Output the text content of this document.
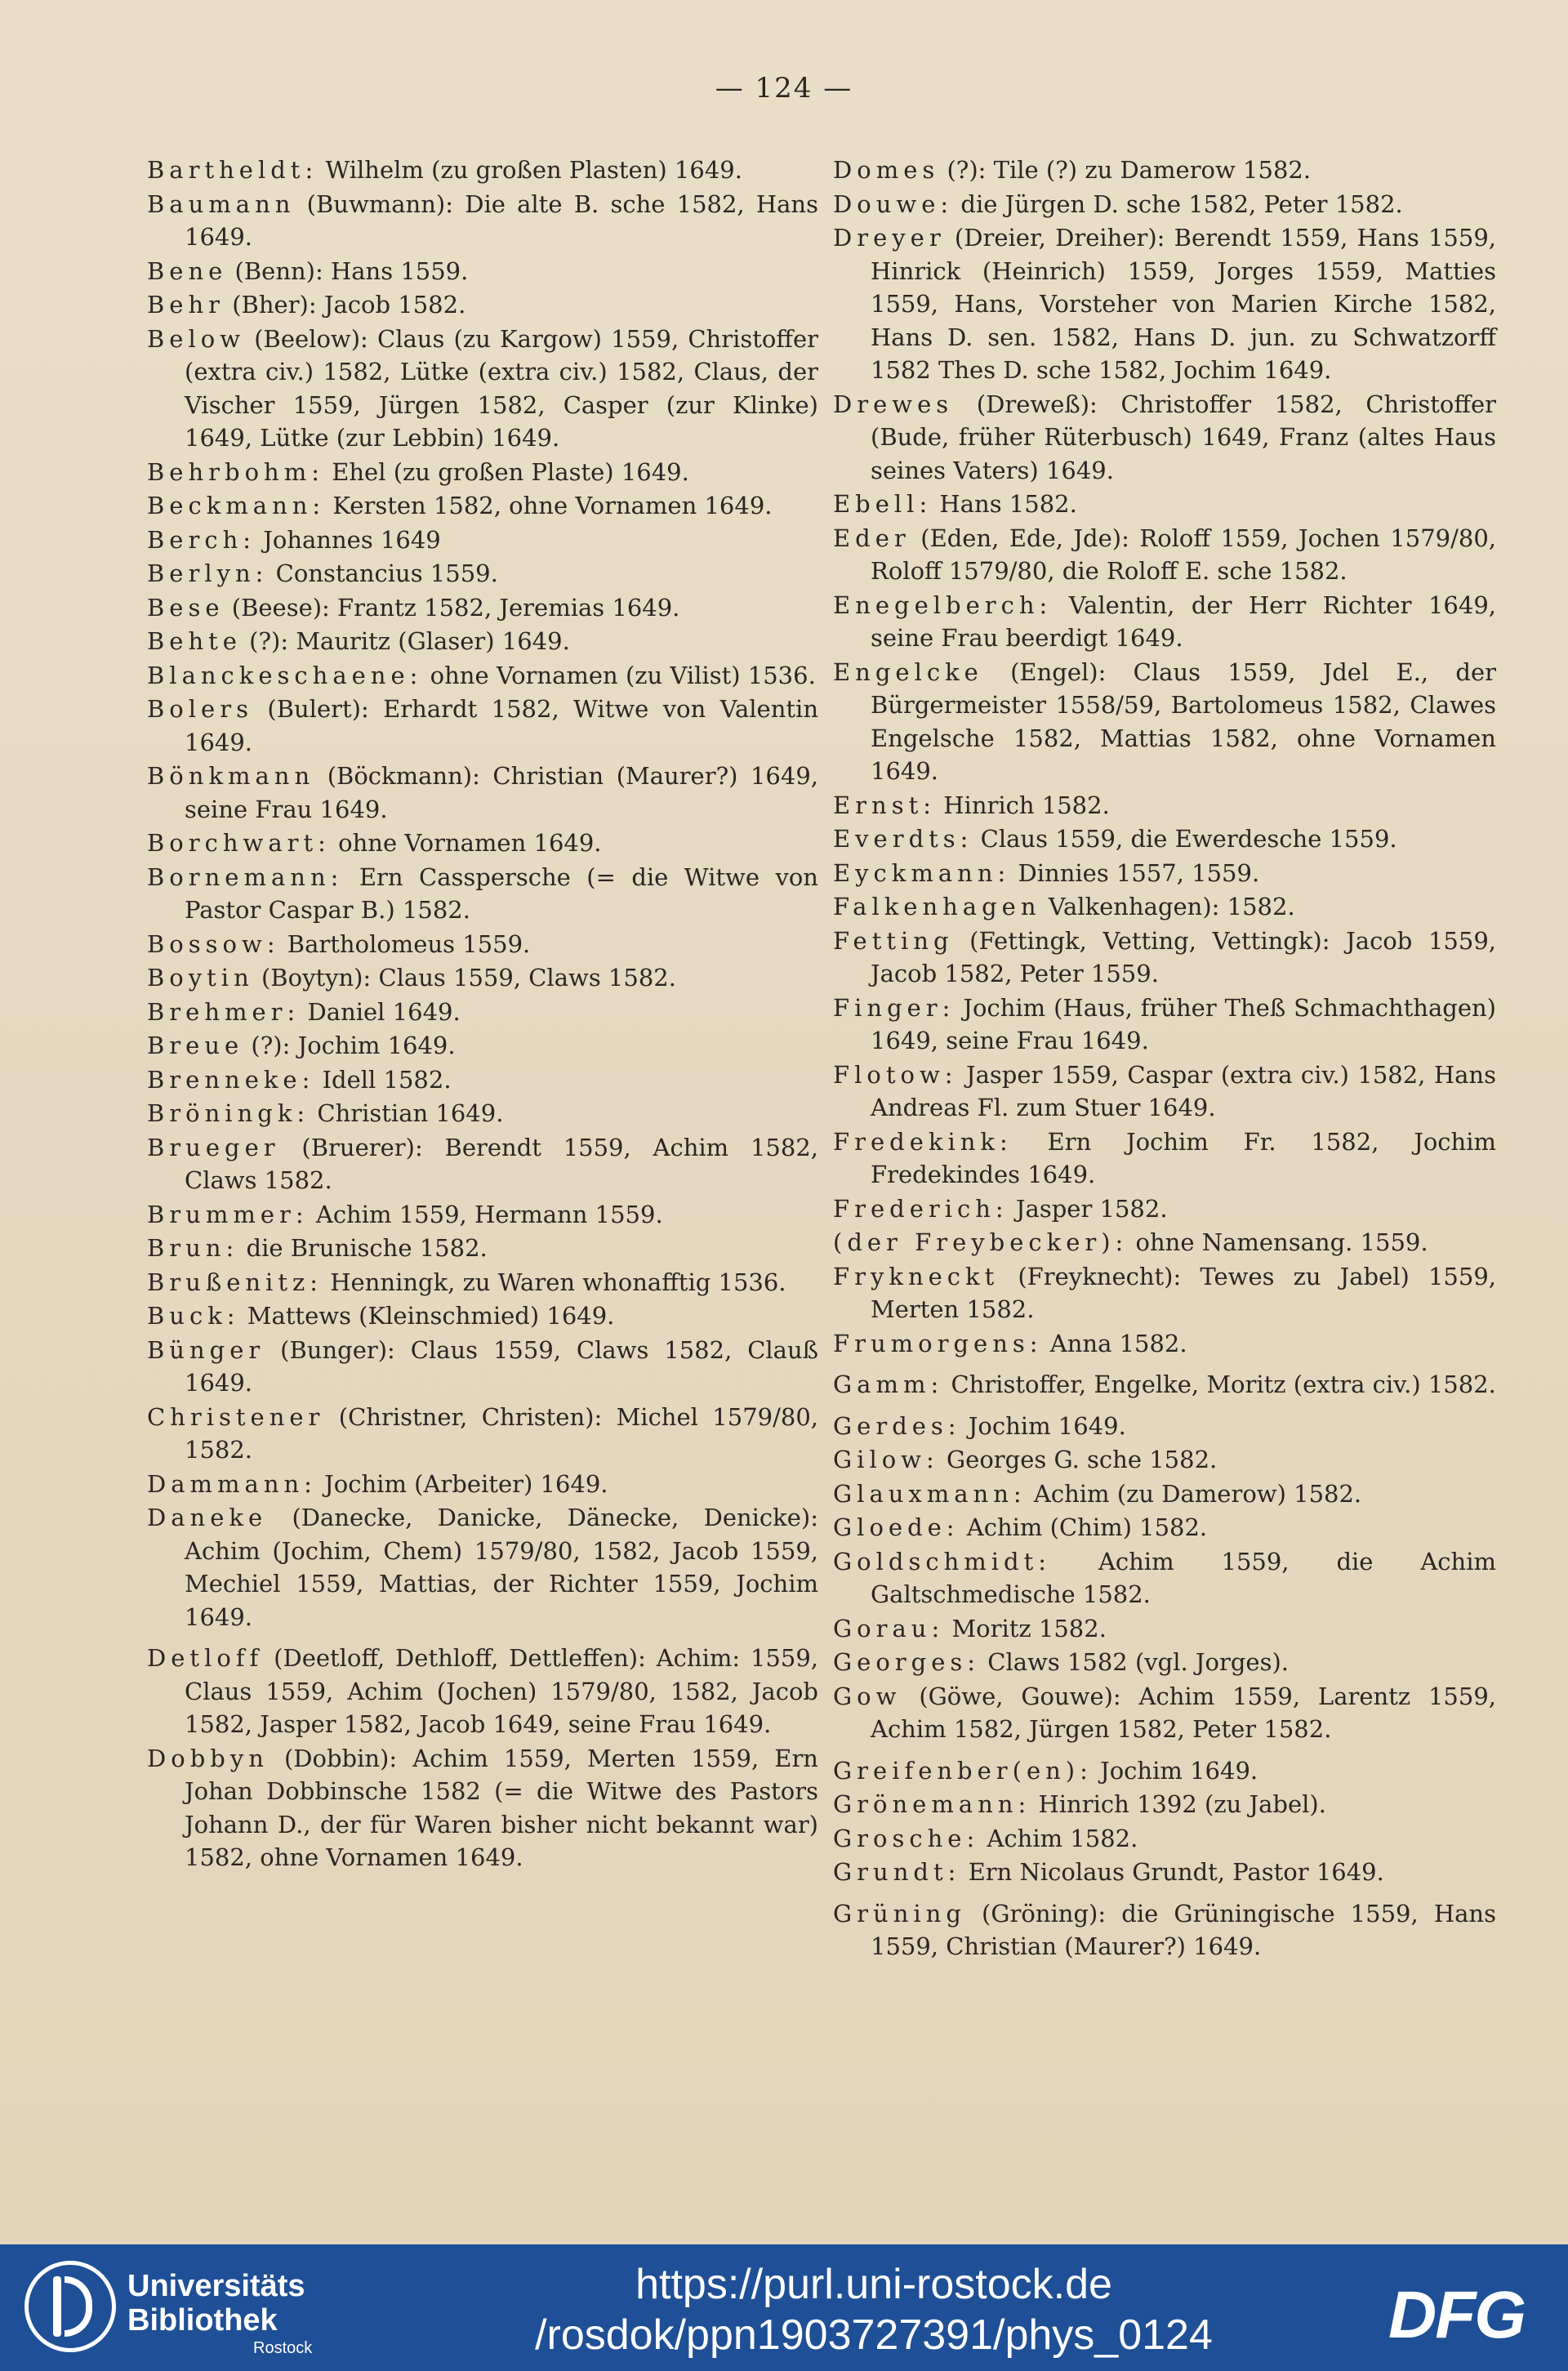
— 124 —

Bartheldt: Wilhelm (zu großen Plasten) 1649.

Baumann (Buwmann): Die alte B. sche 1582, Hans 1649.

Bene (Benn): Hans 1559.

Behr (Bher): Jacob 1582.

Below (Beelow): Claus (zu Kargow) 1559, Christoffer (extra civ.) 1582, Lütke (extra civ.) 1582, Claus, der Vischer 1559, Jürgen 1582, Casper (zur Klinke) 1649, Lütke (zur Lebbin) 1649.

Behrbohm: Ehel (zu großen Plaste) 1649.

Beckmann: Kersten 1582, ohne Vornamen 1649.

Berch: Johannes 1649

Berlyn: Constancius 1559.

Bese (Beese): Frantz 1582, Jeremias 1649.

Behte (?): Mauritz (Glaser) 1649.

Blanckeschaene: ohne Vornamen (zu Vilist) 1536.

Bolers (Bulert): Erhardt 1582, Witwe von Valentin 1649.

Bönkmann (Böckmann): Christian (Maurer?) 1649, seine Frau 1649.

Borchwart: ohne Vornamen 1649.

Bornemann: Ern Casspersche (= die Witwe von Pastor Caspar B.) 1582.

Bossow: Bartholomeus 1559.

Boytin (Boytyn): Claus 1559, Claws 1582.

Brehmer: Daniel 1649.

Breue (?): Jochim 1649.

Brenneke: Idell 1582.

Bröningk: Christian 1649.

Brueger (Bruerer): Berendt 1559, Achim 1582, Claws 1582.

Brummer: Achim 1559, Hermann 1559.

Brun: die Brunische 1582.

Brußenitz: Henningk, zu Waren whonafftig 1536.

Buck: Mattews (Kleinschmied) 1649.

Bünger (Bunger): Claus 1559, Claws 1582, Clauß 1649.

Christener (Christner, Christen): Michel 1579/80, 1582.

Dammann: Jochim (Arbeiter) 1649.

Daneke (Danecke, Danicke, Dänecke, Denicke): Achim (Jochim, Chem) 1579/80, 1582, Jacob 1559, Mechiel 1559, Mattias, der Richter 1559, Jochim 1649.

Detloff (Deetloff, Dethloff, Dettleffen): Achim: 1559, Claus 1559, Achim (Jochen) 1579/80, 1582, Jacob 1582, Jasper 1582, Jacob 1649, seine Frau 1649.

Dobbyn (Dobbin): Achim 1559, Merten 1559, Ern Johan Dobbinsche 1582 (= die Witwe des Pastors Johann D., der für Waren bisher nicht bekannt war) 1582, ohne Vornamen 1649.

Domes (?): Tile (?) zu Damerow 1582.

Douwe: die Jürgen D. sche 1582, Peter 1582.

Dreyer (Dreier, Dreiher): Berendt 1559, Hans 1559, Hinrick (Heinrich) 1559, Jorges 1559, Matties 1559, Hans, Vorsteher von Marien Kirche 1582, Hans D. sen. 1582, Hans D. jun. zu Schwatzorff 1582 Thes D. sche 1582, Jochim 1649.

Drewes (Dreweß): Christoffer 1582, Christoffer (Bude, früher Rüterbusch) 1649, Franz (altes Haus seines Vaters) 1649.

Ebell: Hans 1582.

Eder (Eden, Ede, Jde): Roloff 1559, Jochen 1579/80, Roloff 1579/80, die Roloff E. sche 1582.

Enegelberch: Valentin, der Herr Richter 1649, seine Frau beerdigt 1649.

Engelcke (Engel): Claus 1559, Jdel E., der Bürgermeister 1558/59, Bartolomeus 1582, Clawes Engelsche 1582, Mattias 1582, ohne Vornamen 1649.

Ernst: Hinrich 1582.

Everdts: Claus 1559, die Ewerdesche 1559.

Eyckmann: Dinnies 1557, 1559.

Falkenhagen Valkenhagen): 1582.

Fetting (Fettingk, Vetting, Vettingk): Jacob 1559, Jacob 1582, Peter 1559.

Finger: Jochim (Haus, früher Theß Schmachthagen) 1649, seine Frau 1649.

Flotow: Jasper 1559, Caspar (extra civ.) 1582, Hans Andreas Fl. zum Stuer 1649.

Fredekink: Ern Jochim Fr. 1582, Jochim Fredekindes 1649.

Frederich: Jasper 1582.

(der Freybecker): ohne Namensang. 1559.

Frykneckt (Freyknecht): Tewes zu Jabel) 1559, Merten 1582.

Frumorgens: Anna 1582.

Gamm: Christoffer, Engelke, Moritz (extra civ.) 1582.

Gerdes: Jochim 1649.

Gilow: Georges G. sche 1582.

Glauxmann: Achim (zu Damerow) 1582.

Gloede: Achim (Chim) 1582.

Goldschmidt: Achim 1559, die Achim Galtschmedische 1582.

Gorau: Moritz 1582.

Georges: Claws 1582 (vgl. Jorges).

Gow (Göwe, Gouwe): Achim 1559, Larentz 1559, Achim 1582, Jürgen 1582, Peter 1582.

Greifenber(en): Jochim 1649.

Grönemann: Hinrich 1392 (zu Jabel).

Grosche: Achim 1582.

Grundt: Ern Nicolaus Grundt, Pastor 1649.

Grüning (Gröning): die Grüningische 1559, Hans 1559, Christian (Maurer?) 1649.

Universitäts Bibliothek
Rostock
https://purl.uni-rostock.de
/rosdok/ppn1903727391/phys_0124	DFG
